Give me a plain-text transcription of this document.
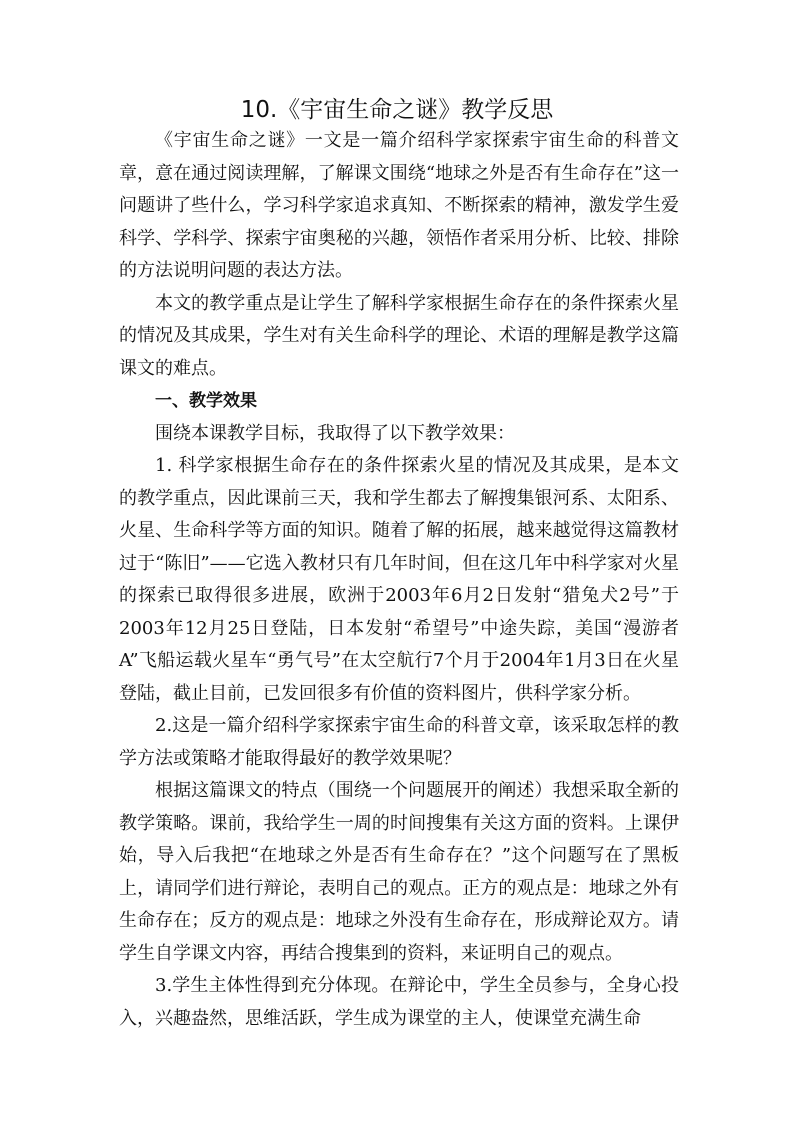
10.《宇宙生命之谜》教学反思

《宇宙生命之谜》一文是一篇介绍科学家探索宇宙生命的科普文章，意在通过阅读理解，了解课文围绕“地球之外是否有生命存在”这一问题讲了些什么，学习科学家追求真知、不断探索的精神，激发学生爱科学、学科学、探索宇宙奥秘的兴趣，领悟作者采用分析、比较、排除的方法说明问题的表达方法。

本文的教学重点是让学生了解科学家根据生命存在的条件探索火星的情况及其成果，学生对有关生命科学的理论、术语的理解是教学这篇课文的难点。

一、教学效果

围绕本课教学目标，我取得了以下教学效果：

1. 科学家根据生命存在的条件探索火星的情况及其成果，是本文的教学重点，因此课前三天，我和学生都去了解搜集银河系、太阳系、火星、生命科学等方面的知识。随着了解的拓展，越来越觉得这篇教材过于“陈旧”——它选入教材只有几年时间，但在这几年中科学家对火星的探索已取得很多进展，欧洲于2003年6月2日发射“猎兔犬2号”于2003年12月25日登陆，日本发射“希望号”中途失踪，美国“漫游者A”飞船运载火星车“勇气号”在太空航行7个月于2004年1月3日在火星登陆，截止目前，已发回很多有价值的资料图片，供科学家分析。

2.这是一篇介绍科学家探索宇宙生命的科普文章，该采取怎样的教学方法或策略才能取得最好的教学效果呢？

根据这篇课文的特点（围绕一个问题展开的阐述）我想采取全新的教学策略。课前，我给学生一周的时间搜集有关这方面的资料。上课伊始，导入后我把“在地球之外是否有生命存在？”这个问题写在了黑板上，请同学们进行辩论，表明自己的观点。正方的观点是：地球之外有生命存在；反方的观点是：地球之外没有生命存在，形成辩论双方。请学生自学课文内容，再结合搜集到的资料，来证明自己的观点。

3.学生主体性得到充分体现。在辩论中，学生全员参与，全身心投入，兴趣盎然，思维活跃，学生成为课堂的主人，使课堂充满生命
